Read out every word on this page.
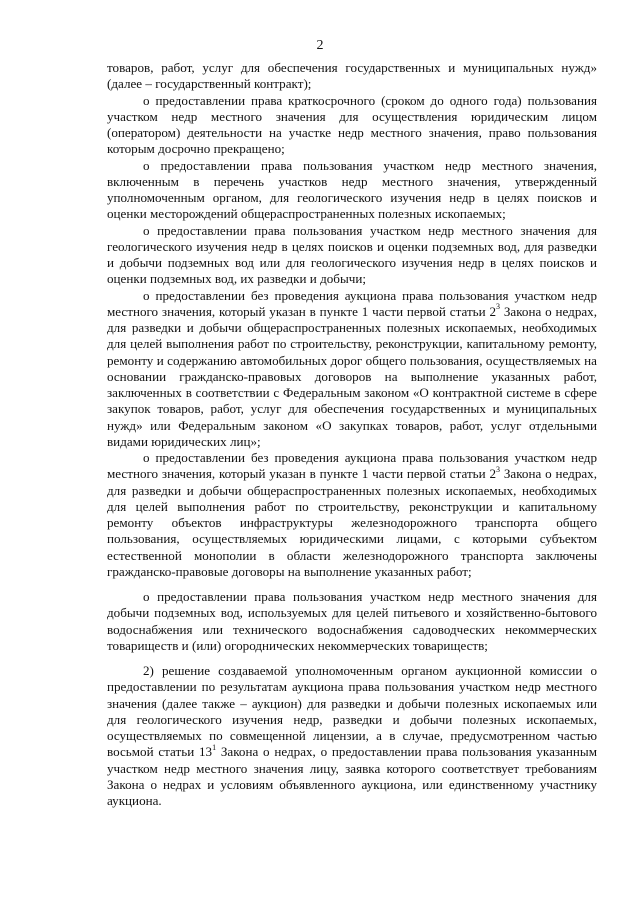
2

товаров, работ, услуг для обеспечения государственных и муниципальных нужд» (далее – государственный контракт);

о предоставлении права краткосрочного (сроком до одного года) пользования участком недр местного значения для осуществления юридическим лицом (оператором) деятельности на участке недр местного значения, право пользования которым досрочно прекращено;

о предоставлении права пользования участком недр местного значения, включенным в перечень участков недр местного значения, утвержденный уполномоченным органом, для геологического изучения недр в целях поисков и оценки месторождений общераспространенных полезных ископаемых;

о предоставлении права пользования участком недр местного значения для геологического изучения недр в целях поисков и оценки подземных вод, для разведки и добычи подземных вод или для геологического изучения недр в целях поисков и оценки подземных вод, их разведки и добычи;

о предоставлении без проведения аукциона права пользования участком недр местного значения, который указан в пункте 1 части первой статьи $2^3$ Закона о недрах, для разведки и добычи общераспространенных полезных ископаемых, необходимых для целей выполнения работ по строительству, реконструкции, капитальному ремонту, ремонту и содержанию автомобильных дорог общего пользования, осуществляемых на основании гражданско-правовых договоров на выполнение указанных работ, заключенных в соответствии с Федеральным законом «О контрактной системе в сфере закупок товаров, работ, услуг для обеспечения государственных и муниципальных нужд» или Федеральным законом «О закупках товаров, работ, услуг отдельными видами юридических лиц»;

о предоставлении без проведения аукциона права пользования участком недр местного значения, который указан в пункте 1 части первой статьи $2^3$ Закона о недрах, для разведки и добычи общераспространенных полезных ископаемых, необходимых для целей выполнения работ по строительству, реконструкции и капитальному ремонту объектов инфраструктуры железнодорожного транспорта общего пользования, осуществляемых юридическими лицами, с которыми субъектом естественной монополии в области железнодорожного транспорта заключены гражданско-правовые договоры на выполнение указанных работ;

о предоставлении права пользования участком недр местного значения для добычи подземных вод, используемых для целей питьевого и хозяйственно-бытового водоснабжения или технического водоснабжения садоводческих некоммерческих товариществ и (или) огороднических некоммерческих товариществ;

2) решение создаваемой уполномоченным органом аукционной комиссии о предоставлении по результатам аукциона права пользования участком недр местного значения (далее также – аукцион) для разведки и добычи полезных ископаемых или для геологического изучения недр, разведки и добычи полезных ископаемых, осуществляемых по совмещенной лицензии, а в случае, предусмотренном частью восьмой статьи $13^1$ Закона о недрах, о предоставлении права пользования указанным участком недр местного значения лицу, заявка которого соответствует требованиям Закона о недрах и условиям объявленного аукциона, или единственному участнику аукциона.
